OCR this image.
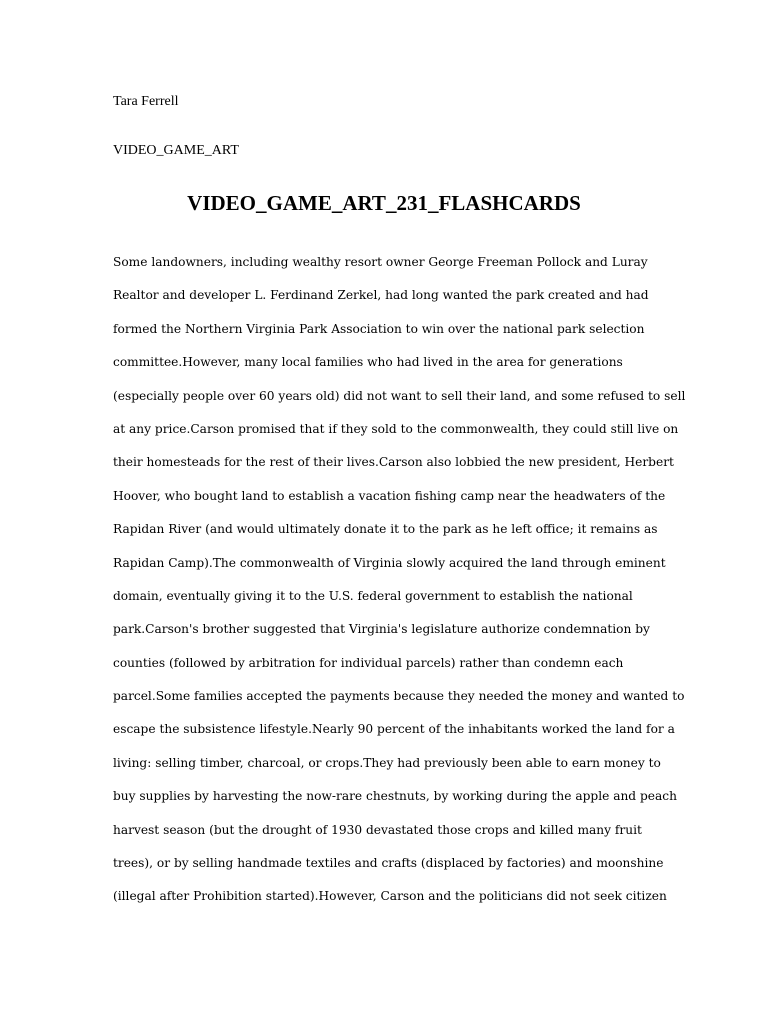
Tara Ferrell
VIDEO_GAME_ART
VIDEO_GAME_ART_231_FLASHCARDS
Some landowners, including wealthy resort owner George Freeman Pollock and Luray
Realtor and developer L. Ferdinand Zerkel, had long wanted the park created and had
formed the Northern Virginia Park Association to win over the national park selection
committee.However, many local families who had lived in the area for generations
(especially people over 60 years old) did not want to sell their land, and some refused to sell
at any price.Carson promised that if they sold to the commonwealth, they could still live on
their homesteads for the rest of their lives.Carson also lobbied the new president, Herbert
Hoover, who bought land to establish a vacation fishing camp near the headwaters of the
Rapidan River (and would ultimately donate it to the park as he left office; it remains as
Rapidan Camp).The commonwealth of Virginia slowly acquired the land through eminent
domain, eventually giving it to the U.S. federal government to establish the national
park.Carson's brother suggested that Virginia's legislature authorize condemnation by
counties (followed by arbitration for individual parcels) rather than condemn each
parcel.Some families accepted the payments because they needed the money and wanted to
escape the subsistence lifestyle.Nearly 90 percent of the inhabitants worked the land for a
living: selling timber, charcoal, or crops.They had previously been able to earn money to
buy supplies by harvesting the now-rare chestnuts, by working during the apple and peach
harvest season (but the drought of 1930 devastated those crops and killed many fruit
trees), or by selling handmade textiles and crafts (displaced by factories) and moonshine
(illegal after Prohibition started).However, Carson and the politicians did not seek citizen
